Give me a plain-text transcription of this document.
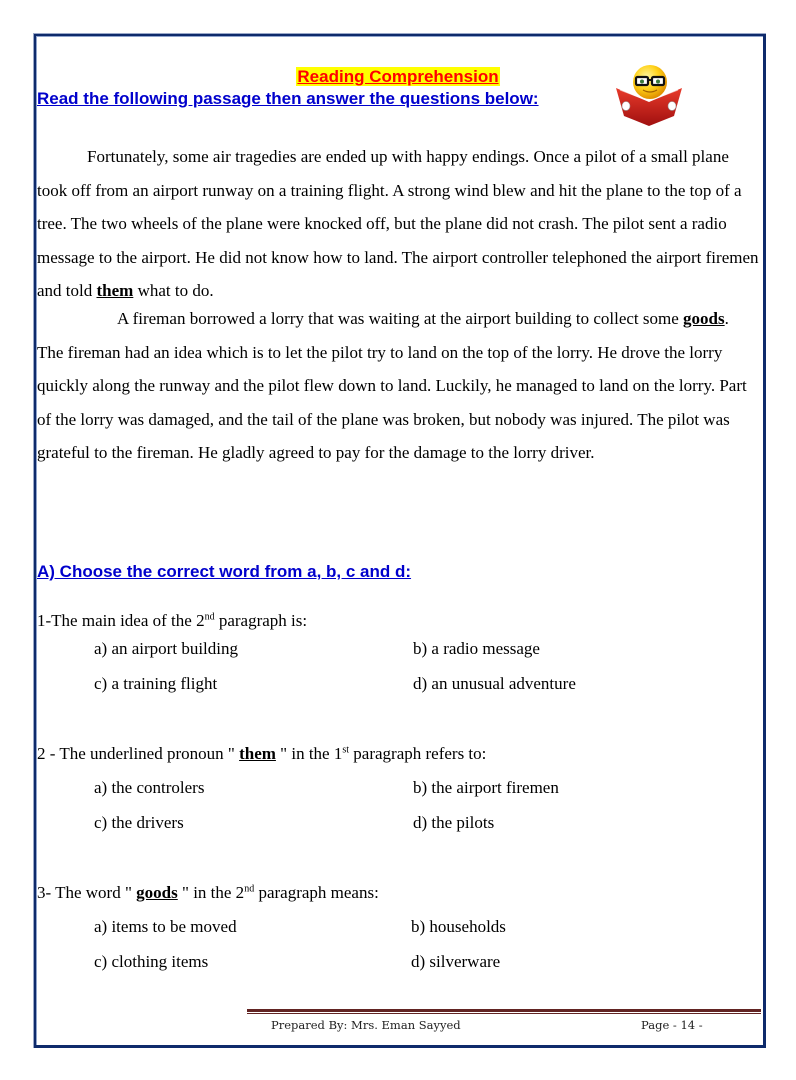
Reading Comprehension
Read the following passage then answer the questions below:

Fortunately, some air tragedies are ended up with happy endings. Once a pilot of a small plane took off from an airport runway on a training flight. A strong wind blew and hit the plane to the top of a tree. The two wheels of the plane were knocked off, but the plane did not crash. The pilot sent a radio message to the airport. He did not know how to land. The airport controller telephoned the airport firemen and told them what to do.

A fireman borrowed a lorry that was waiting at the airport building to collect some goods. The fireman had an idea which is to let the pilot try to land on the top of the lorry. He drove the lorry quickly along the runway and the pilot flew down to land. Luckily, he managed to land on the lorry. Part of the lorry was damaged, and the tail of the plane was broken, but nobody was injured. The pilot was grateful to the fireman. He gladly agreed to pay for the damage to the lorry driver.

A) Choose the correct word from a, b, c and d:
1-The main idea of the 2nd paragraph is:
a) an airport building	b) a radio message
c) a training flight	d) an unusual adventure
2 - The underlined pronoun " them " in the 1st paragraph refers to:
a) the controlers	b) the airport firemen
c) the drivers	d) the pilots
3- The word " goods " in the 2nd paragraph means:
a) items to be moved	b) households
c) clothing items	d) silverware
Prepared By: Mrs. Eman Sayyed	Page - 14 -
